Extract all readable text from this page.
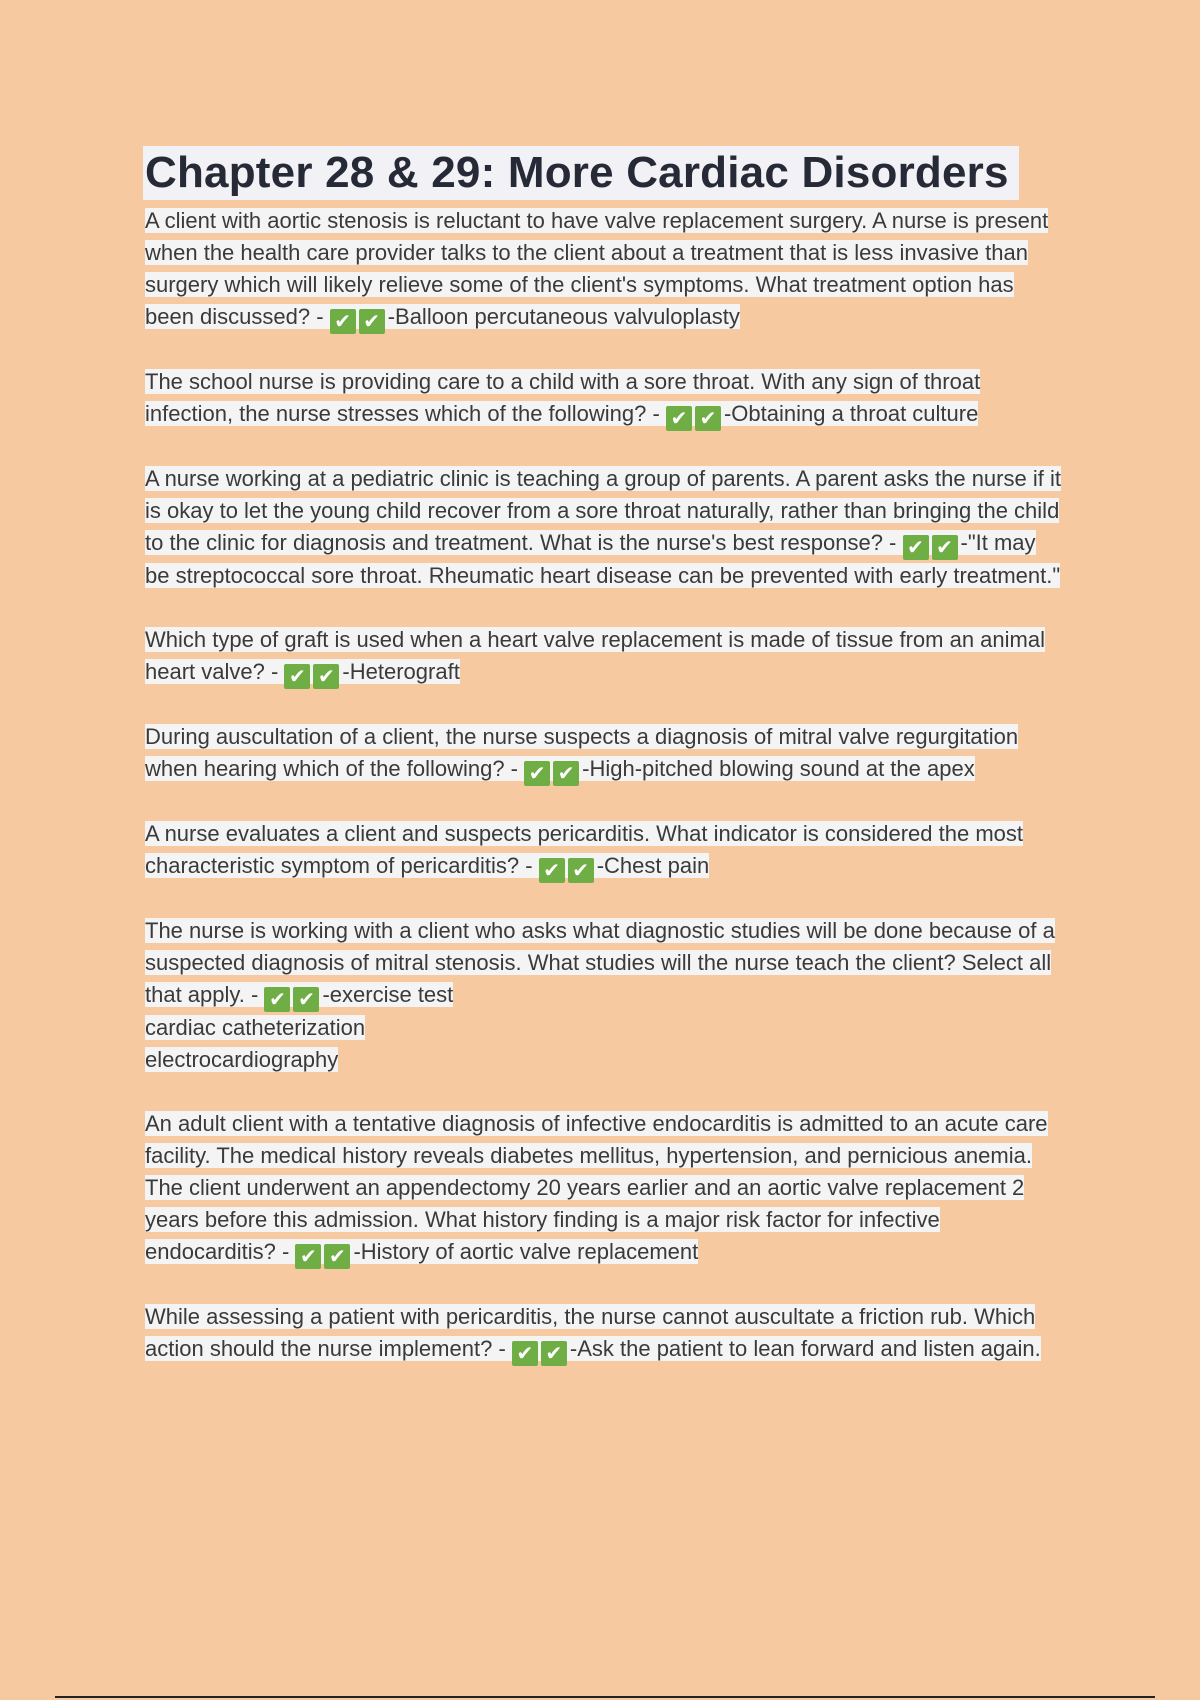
Chapter 28 & 29: More Cardiac Disorders
A client with aortic stenosis is reluctant to have valve replacement surgery. A nurse is present when the health care provider talks to the client about a treatment that is less invasive than surgery which will likely relieve some of the client's symptoms. What treatment option has been discussed? - ✔ ✔ -Balloon percutaneous valvuloplasty
The school nurse is providing care to a child with a sore throat. With any sign of throat infection, the nurse stresses which of the following? - ✔ ✔ -Obtaining a throat culture
A nurse working at a pediatric clinic is teaching a group of parents. A parent asks the nurse if it is okay to let the young child recover from a sore throat naturally, rather than bringing the child to the clinic for diagnosis and treatment. What is the nurse's best response? - ✔ ✔ -"It may be streptococcal sore throat. Rheumatic heart disease can be prevented with early treatment."
Which type of graft is used when a heart valve replacement is made of tissue from an animal heart valve? - ✔ ✔ -Heterograft
During auscultation of a client, the nurse suspects a diagnosis of mitral valve regurgitation when hearing which of the following? - ✔ ✔ -High-pitched blowing sound at the apex
A nurse evaluates a client and suspects pericarditis. What indicator is considered the most characteristic symptom of pericarditis? - ✔ ✔ -Chest pain
The nurse is working with a client who asks what diagnostic studies will be done because of a suspected diagnosis of mitral stenosis. What studies will the nurse teach the client? Select all that apply. - ✔ ✔ -exercise test
cardiac catheterization
electrocardiography
An adult client with a tentative diagnosis of infective endocarditis is admitted to an acute care facility. The medical history reveals diabetes mellitus, hypertension, and pernicious anemia. The client underwent an appendectomy 20 years earlier and an aortic valve replacement 2 years before this admission. What history finding is a major risk factor for infective endocarditis? - ✔ ✔ -History of aortic valve replacement
While assessing a patient with pericarditis, the nurse cannot auscultate a friction rub. Which action should the nurse implement? - ✔ ✔ -Ask the patient to lean forward and listen again.
